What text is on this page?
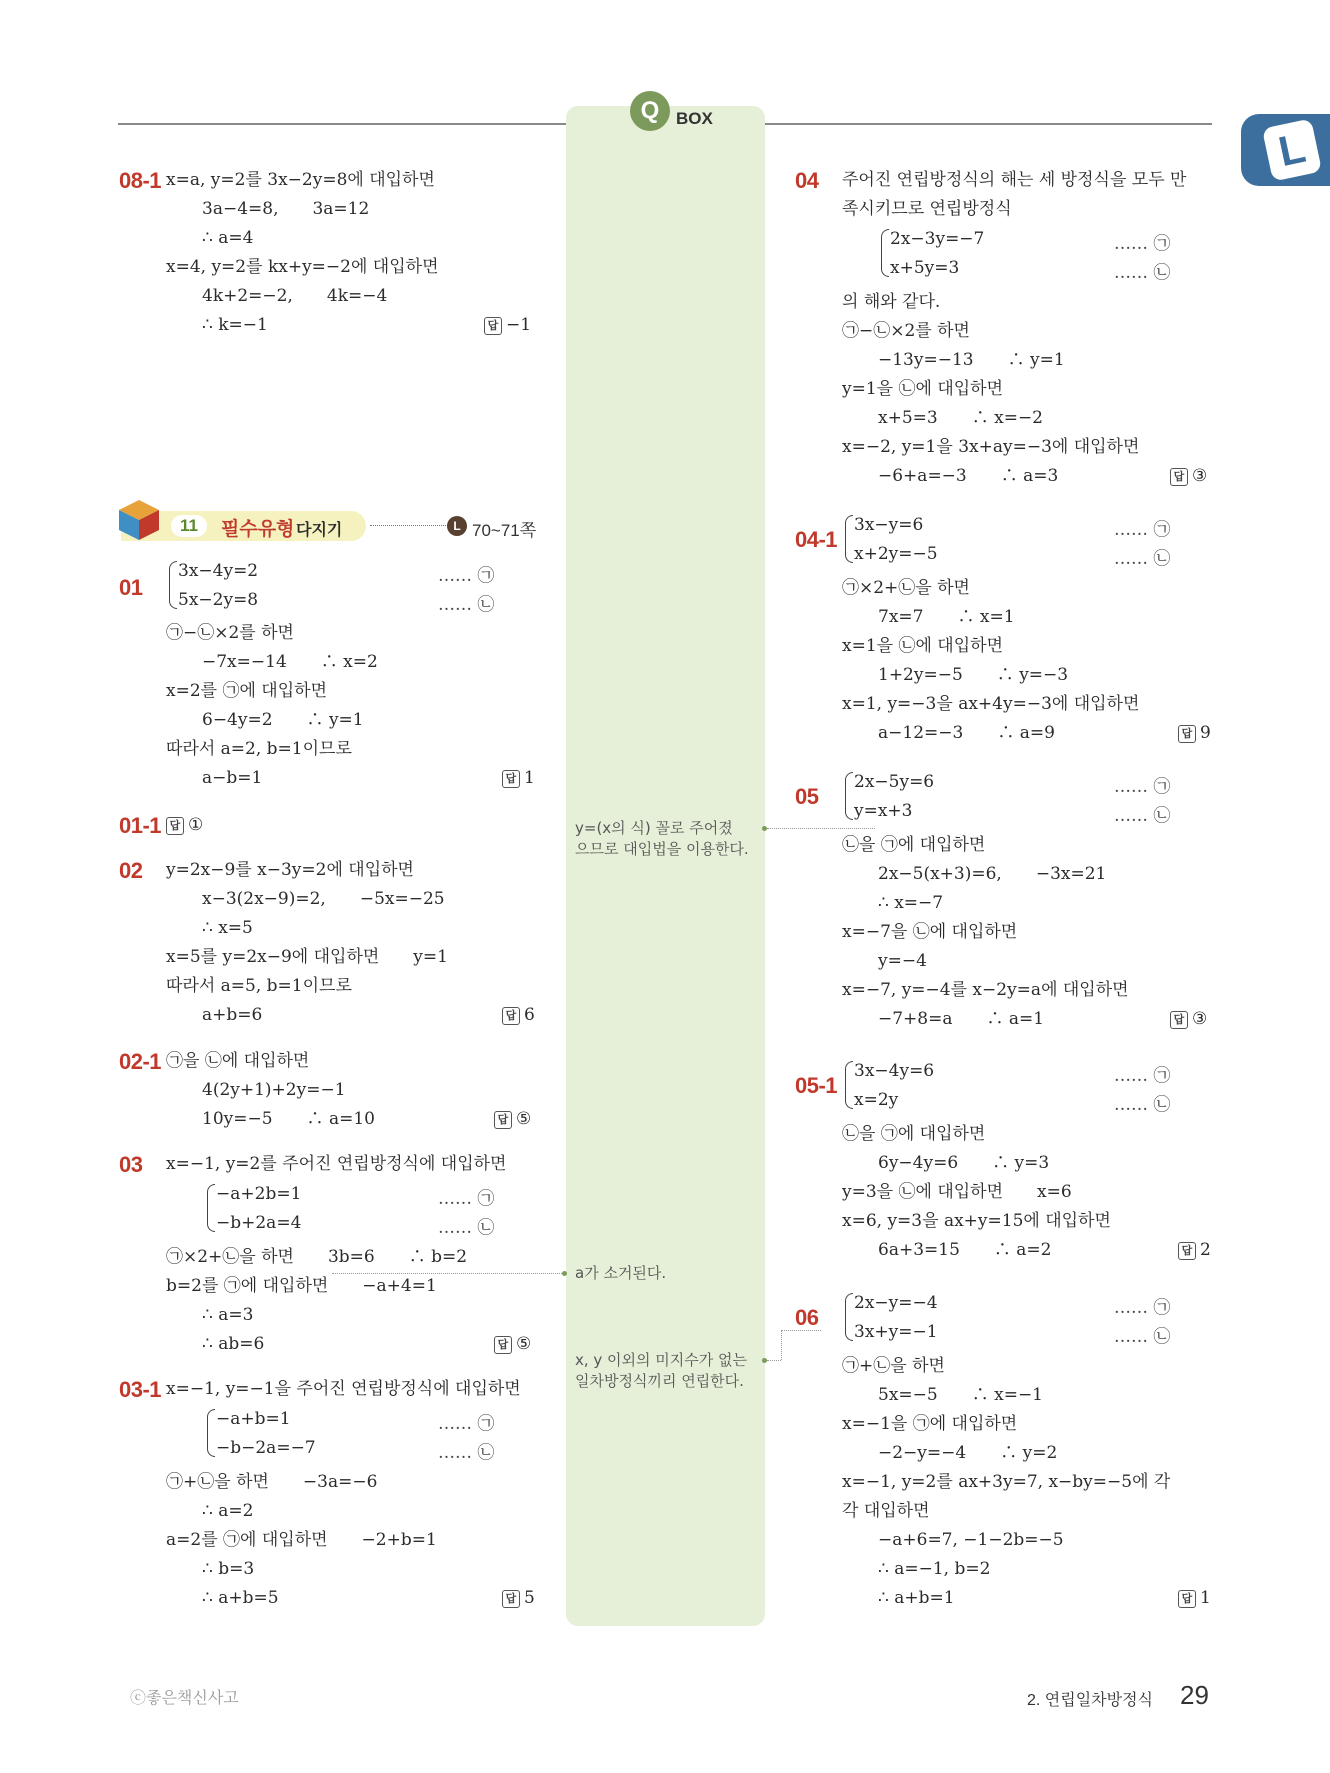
Q BOX
L
11	필수유형 다지기	L 70~71쪽
08-1 x=a, y=2를 3x−2y=8에 대입하면
3a−4=8,　　3a=12
∴ a=4
x=4, y=2를 kx+y=−2에 대입하면
4k+2=−2,　　4k=−4
∴ k=−1	답 −1
01
3x−4y=2
5x−2y=8
…… ㉠
…… ㉡
㉠−㉡×2를 하면
−7x=−14　　∴ x=2
x=2를 ㉠에 대입하면
6−4y=2　　∴ y=1
따라서 a=2, b=1이므로
a−b=1	답 1
01-1 답 ①
02 y=2x−9를 x−3y=2에 대입하면
x−3(2x−9)=2,　　−5x=−25
∴ x=5
x=5를 y=2x−9에 대입하면　　y=1
따라서 a=5, b=1이므로
a+b=6	답 6
02-1 ㉠을 ㉡에 대입하면
4(2y+1)+2y=−1
10y=−5　　∴ a=10	답 ⑤
03 x=−1, y=2를 주어진 연립방정식에 대입하면
−a+2b=1
−b+2a=4
…… ㉠
…… ㉡
㉠×2+㉡을 하면　　3b=6　　∴ b=2
b=2를 ㉠에 대입하면　　−a+4=1
∴ a=3
∴ ab=6	답 ⑤
03-1 x=−1, y=−1을 주어진 연립방정식에 대입하면
−a+b=1
−b−2a=−7
…… ㉠
…… ㉡
㉠+㉡을 하면　　−3a=−6
∴ a=2
a=2를 ㉠에 대입하면　　−2+b=1
∴ b=3
∴ a+b=5	답 5
y=(x의 식) 꼴로 주어졌
으므로 대입법을 이용한다.
a가 소거된다.
x, y 이외의 미지수가 없는
일차방정식끼리 연립한다.
04 주어진 연립방정식의 해는 세 방정식을 모두 만
족시키므로 연립방정식
2x−3y=−7
x+5y=3
…… ㉠
…… ㉡
의 해와 같다.
㉠−㉡×2를 하면
−13y=−13　　∴ y=1
y=1을 ㉡에 대입하면
x+5=3　　∴ x=−2
x=−2, y=1을 3x+ay=−3에 대입하면
−6+a=−3　　∴ a=3	답 ③
04-1
3x−y=6
x+2y=−5
…… ㉠
…… ㉡
㉠×2+㉡을 하면
7x=7　　∴ x=1
x=1을 ㉡에 대입하면
1+2y=−5　　∴ y=−3
x=1, y=−3을 ax+4y=−3에 대입하면
a−12=−3　　∴ a=9	답 9
05
2x−5y=6
y=x+3
…… ㉠
…… ㉡
㉡을 ㉠에 대입하면
2x−5(x+3)=6,　　−3x=21
∴ x=−7
x=−7을 ㉡에 대입하면
y=−4
x=−7, y=−4를 x−2y=a에 대입하면
−7+8=a　　∴ a=1	답 ③
05-1
3x−4y=6
x=2y
…… ㉠
…… ㉡
㉡을 ㉠에 대입하면
6y−4y=6　　∴ y=3
y=3을 ㉡에 대입하면　　x=6
x=6, y=3을 ax+y=15에 대입하면
6a+3=15　　∴ a=2	답 2
06
2x−y=−4
3x+y=−1
…… ㉠
…… ㉡
㉠+㉡을 하면
5x=−5　　∴ x=−1
x=−1을 ㉠에 대입하면
−2−y=−4　　∴ y=2
x=−1, y=2를 ax+3y=7, x−by=−5에 각
각 대입하면
−a+6=7, −1−2b=−5
∴ a=−1, b=2
∴ a+b=1	답 1
ⓒ좋은책신사고	2. 연립일차방정식 29
